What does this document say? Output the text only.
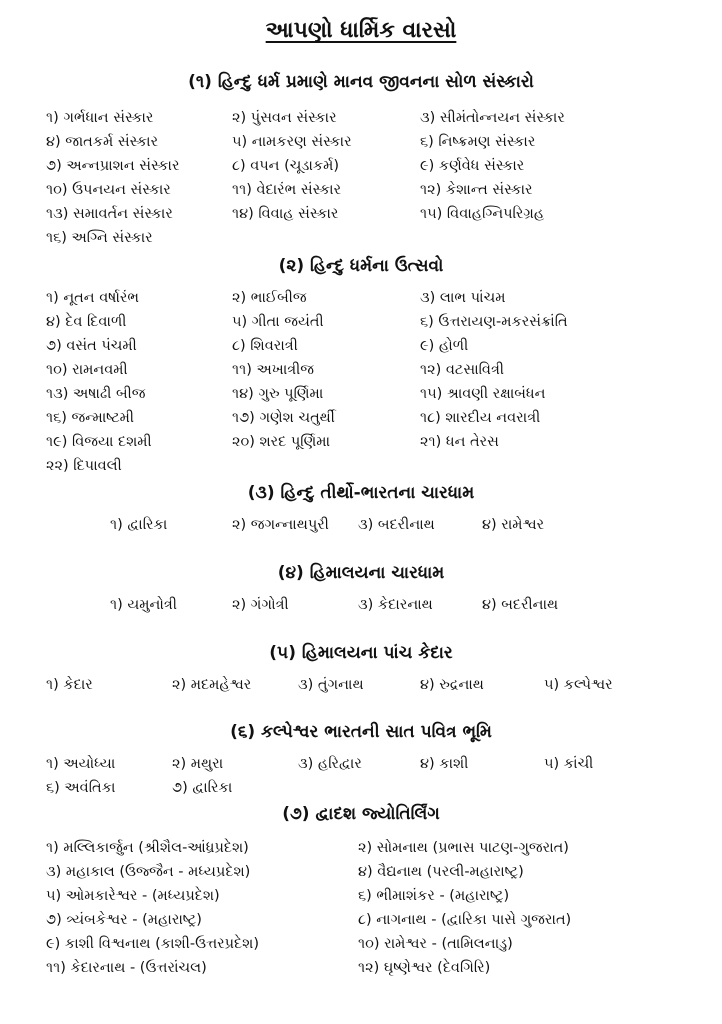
આપણો ધાર્મિક વારસો
(૧) હિન્દુ ધર્મ પ્રમાણે માનવ જીવનના સોળ સંસ્કારો
૧) ગર્ભધાન સંસ્કાર	૨) પુંસવન સંસ્કાર	૩) સીમંતોન્નયન સંસ્કાર
૪) જાતકર્મ સંસ્કાર	૫) નામકરણ સંસ્કાર	૬) નિષ્ક્રમણ સંસ્કાર
૭) અન્નપ્રાશન સંસ્કાર	૮) વપન (ચૂડાકર્મ)	૯) કર્ણવેધ સંસ્કાર
૧૦) ઉપનયન સંસ્કાર	૧૧) વેદારંભ સંસ્કાર	૧૨) કેશાન્ત સંસ્કાર
૧૩) સમાવર્તન સંસ્કાર	૧૪) વિવાહ સંસ્કાર	૧૫) વિવાહગ્નિપરિગ્રહ
૧૬) અગ્નિ સંસ્કાર
(૨) હિન્દુ ધર્મના ઉત્સવો
૧) નૂતન વર્ષારંભ	૨) ભાઈબીજ	૩) લાભ પાંચમ
૪) દેવ દિવાળી	૫) ગીતા જયંતી	૬) ઉત્તરાયણ-મકરસંક્રાંતિ
૭) વસંત પંચમી	૮) શિવરાત્રી	૯) હોળી
૧૦) રામનવમી	૧૧) અખાત્રીજ	૧૨) વટસાવિત્રી
૧૩) અષાઢી બીજ	૧૪) ગુરુ પૂર્ણિમા	૧૫) શ્રાવણી રક્ષાબંધન
૧૬) જન્માષ્ટમી	૧૭) ગણેશ ચતુર્થી	૧૮) શારદીય નવરાત્રી
૧૯) વિજયા દશમી	૨૦) શરદ પૂર્ણિમા	૨૧) ધન તેરસ
૨૨) દિપાવલી
(૩) હિન્દુ તીર્થો-ભારતના ચારધામ
૧) દ્વારિકા	૨) જગન્નાથપુરી ૩) બદરીનાથ	૪) રામેશ્વર
(૪) હિમાલયના ચારધામ
૧) યમુનોત્રી	૨) ગંગોત્રી	૩) કેદારનાથ	૪) બદરીનાથ
(૫) હિમાલયના પાંચ કેદાર
૧) કેદાર	૨) મદમહેશ્વર	૩) તુંગનાથ	૪) રુદ્રનાથ	૫) કલ્પેશ્વર
(૬) કલ્પેશ્વર ભારતની સાત પવિત્ર ભૂમિ
૧) અયોધ્યા	૨) મથુરા	૩) હરિદ્વાર	૪) કાશી	૫) કાંચી
૬) અવંતિકા	૭) દ્વારિકા
(૭) દ્વાદશ જ્યોતિર્લિંગ
૧) મલ્લિકાર્જુન (શ્રીશૈલ-આંધ્રપ્રદેશ)	૨) સોમનાથ (પ્રભાસ પાટણ-ગુજરાત)
૩) મહાકાલ (ઉજ્જૈન - મધ્યપ્રદેશ)	૪) વૈદ્યનાથ (પરલી-મહારાષ્ટ્ર)
૫) ઓમકારેશ્વર - (મધ્યપ્રદેશ)	૬) ભીમાશંકર - (મહારાષ્ટ્ર)
૭) ત્ર્યંબકેશ્વર - (મહારાષ્ટ્ર)	૮) નાગનાથ - (દ્વારિકા પાસે ગુજરાત)
૯) કાશી વિશ્વનાથ (કાશી-ઉત્તરપ્રદેશ)	૧૦) રામેશ્વર - (તામિલનાડુ)
૧૧) કેદારનાથ - (ઉત્તરાંચલ)	૧૨) ઘૃષ્ણેશ્વર (દેવગિરિ)
